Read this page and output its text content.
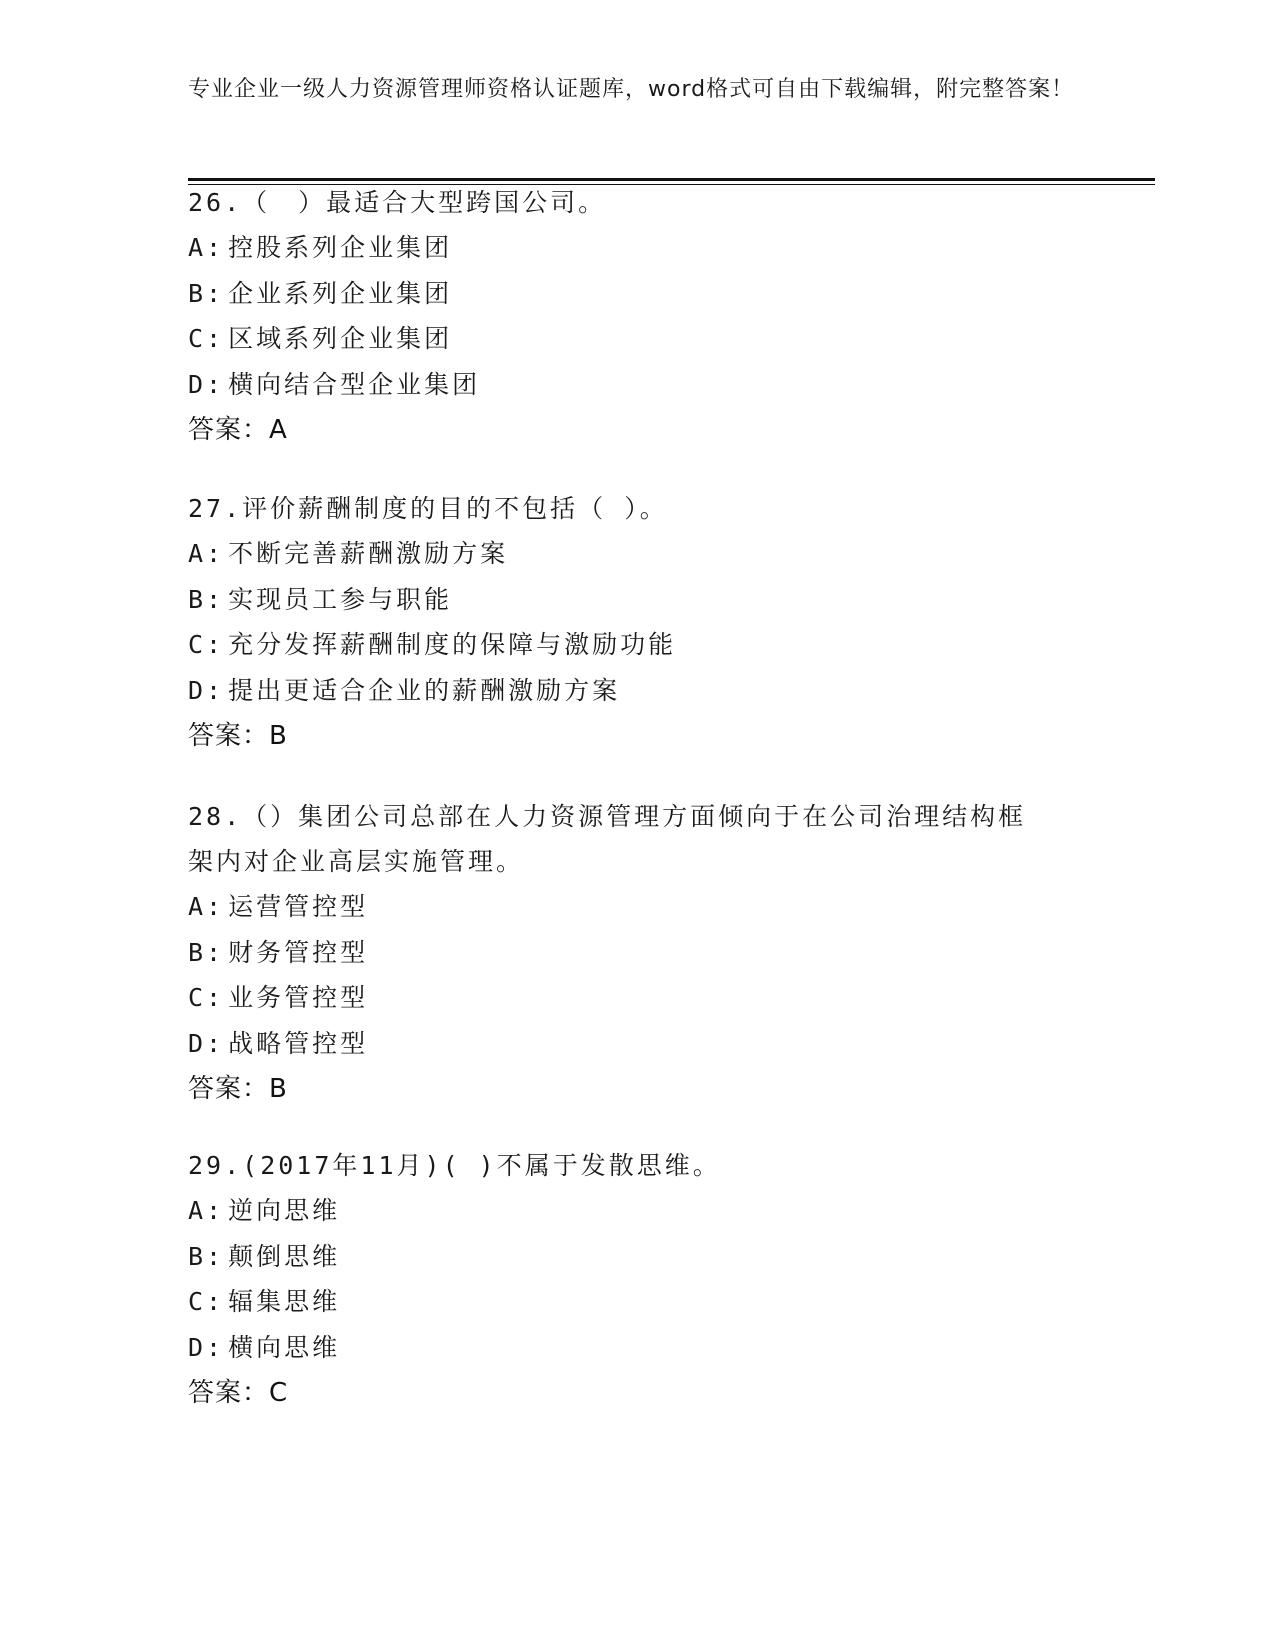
专业企业一级人力资源管理师资格认证题库，word格式可自由下载编辑，附完整答案！
26.（　）最适合大型跨国公司。
A: 控股系列企业集团
B: 企业系列企业集团
C: 区域系列企业集团
D: 横向结合型企业集团
答案：A
27.评价薪酬制度的目的不包括（ ）。
A: 不断完善薪酬激励方案
B: 实现员工参与职能
C: 充分发挥薪酬制度的保障与激励功能
D: 提出更适合企业的薪酬激励方案
答案：B
28.（）集团公司总部在人力资源管理方面倾向于在公司治理结构框架内对企业高层实施管理。
A: 运营管控型
B: 财务管控型
C: 业务管控型
D: 战略管控型
答案：B
29.(2017年11月)( )不属于发散思维。
A: 逆向思维
B: 颠倒思维
C: 辐集思维
D: 横向思维
答案：C
